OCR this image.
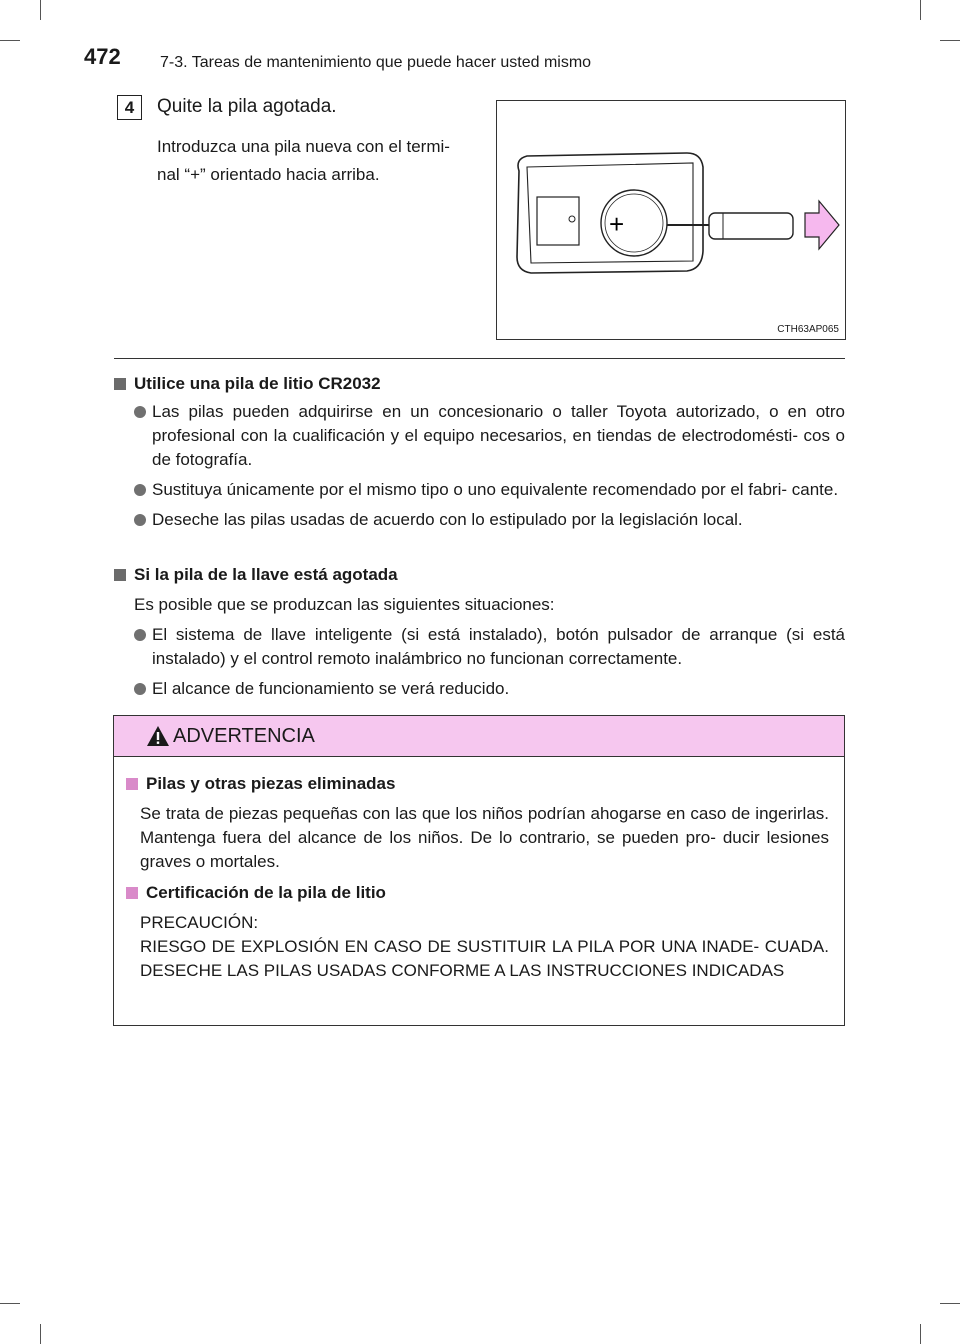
472 7-3. Tareas de mantenimiento que puede hacer usted mismo
4	Quite la pila agotada.
Introduzca una pila nueva con el termi- nal “+” orientado hacia arriba.
+
CTH63AP065
Utilice una pila de litio CR2032
Las pilas pueden adquirirse en un concesionario o taller Toyota autorizado, o en otro profesional con la cualificación y el equipo necesarios, en tiendas de electrodomésti- cos o de fotografía.
Sustituya únicamente por el mismo tipo o uno equivalente recomendado por el fabri- cante.
Deseche las pilas usadas de acuerdo con lo estipulado por la legislación local.
Si la pila de la llave está agotada
Es posible que se produzcan las siguientes situaciones:
El sistema de llave inteligente (si está instalado), botón pulsador de arranque (si está instalado) y el control remoto inalámbrico no funcionan correctamente.
El alcance de funcionamiento se verá reducido.
ADVERTENCIA
Pilas y otras piezas eliminadas
Se trata de piezas pequeñas con las que los niños podrían ahogarse en caso de ingerirlas. Mantenga fuera del alcance de los niños. De lo contrario, se pueden pro- ducir lesiones graves o mortales.
Certificación de la pila de litio
PRECAUCIÓN:
RIESGO DE EXPLOSIÓN EN CASO DE SUSTITUIR LA PILA POR UNA INADE- CUADA. DESECHE LAS PILAS USADAS CONFORME A LAS INSTRUCCIONES INDICADAS
